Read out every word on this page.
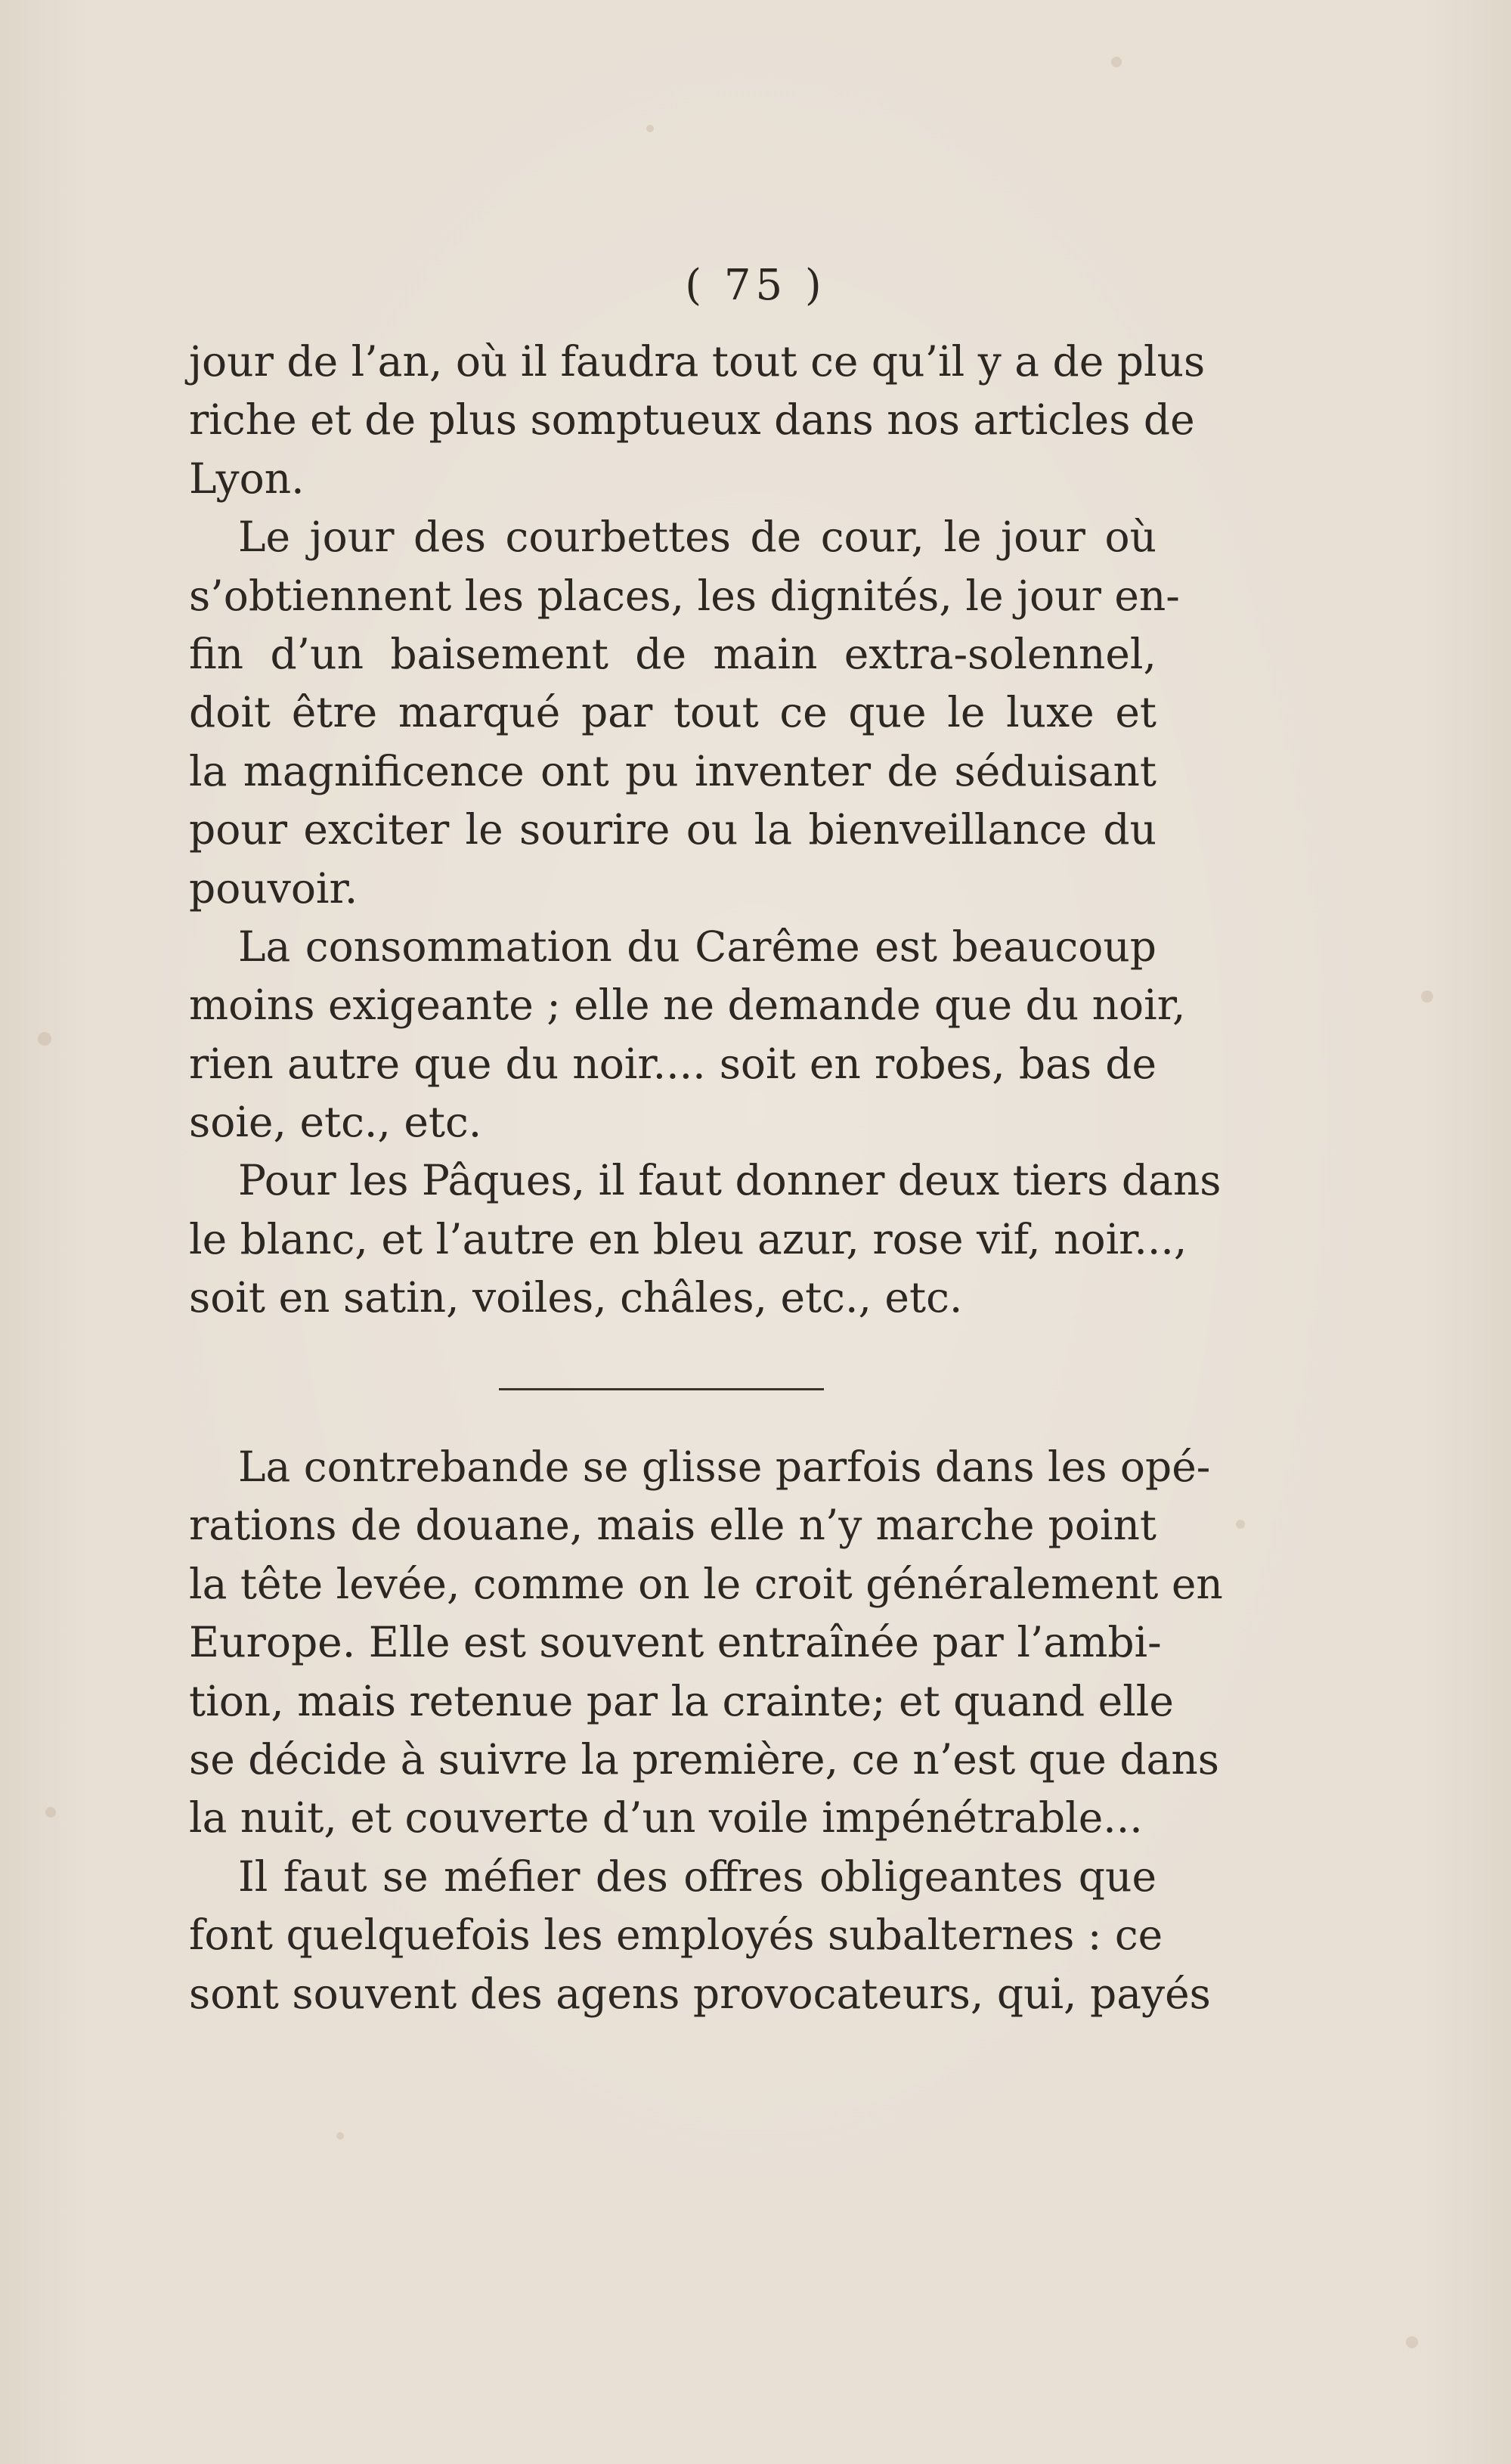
( 75 )
jour de l’an, où il faudra tout ce qu’il y a de plus
riche et de plus somptueux dans nos articles de
Lyon.
Le jour des courbettes de cour, le jour où
s’obtiennent les places, les dignités, le jour en-
fin d’un baisement de main extra-solennel,
doit être marqué par tout ce que le luxe et
la magnificence ont pu inventer de séduisant
pour exciter le sourire ou la bienveillance du
pouvoir.
La consommation du Carême est beaucoup
moins exigeante ; elle ne demande que du noir,
rien autre que du noir.... soit en robes, bas de
soie, etc., etc.
Pour les Pâques, il faut donner deux tiers dans
le blanc, et l’autre en bleu azur, rose vif, noir...,
soit en satin, voiles, châles, etc., etc.
La contrebande se glisse parfois dans les opé-
rations de douane, mais elle n’y marche point
la tête levée, comme on le croit généralement en
Europe. Elle est souvent entraînée par l’ambi-
tion, mais retenue par la crainte; et quand elle
se décide à suivre la première, ce n’est que dans
la nuit, et couverte d’un voile impénétrable...
Il faut se méfier des offres obligeantes que
font quelquefois les employés subalternes : ce
sont souvent des agens provocateurs, qui, payés
